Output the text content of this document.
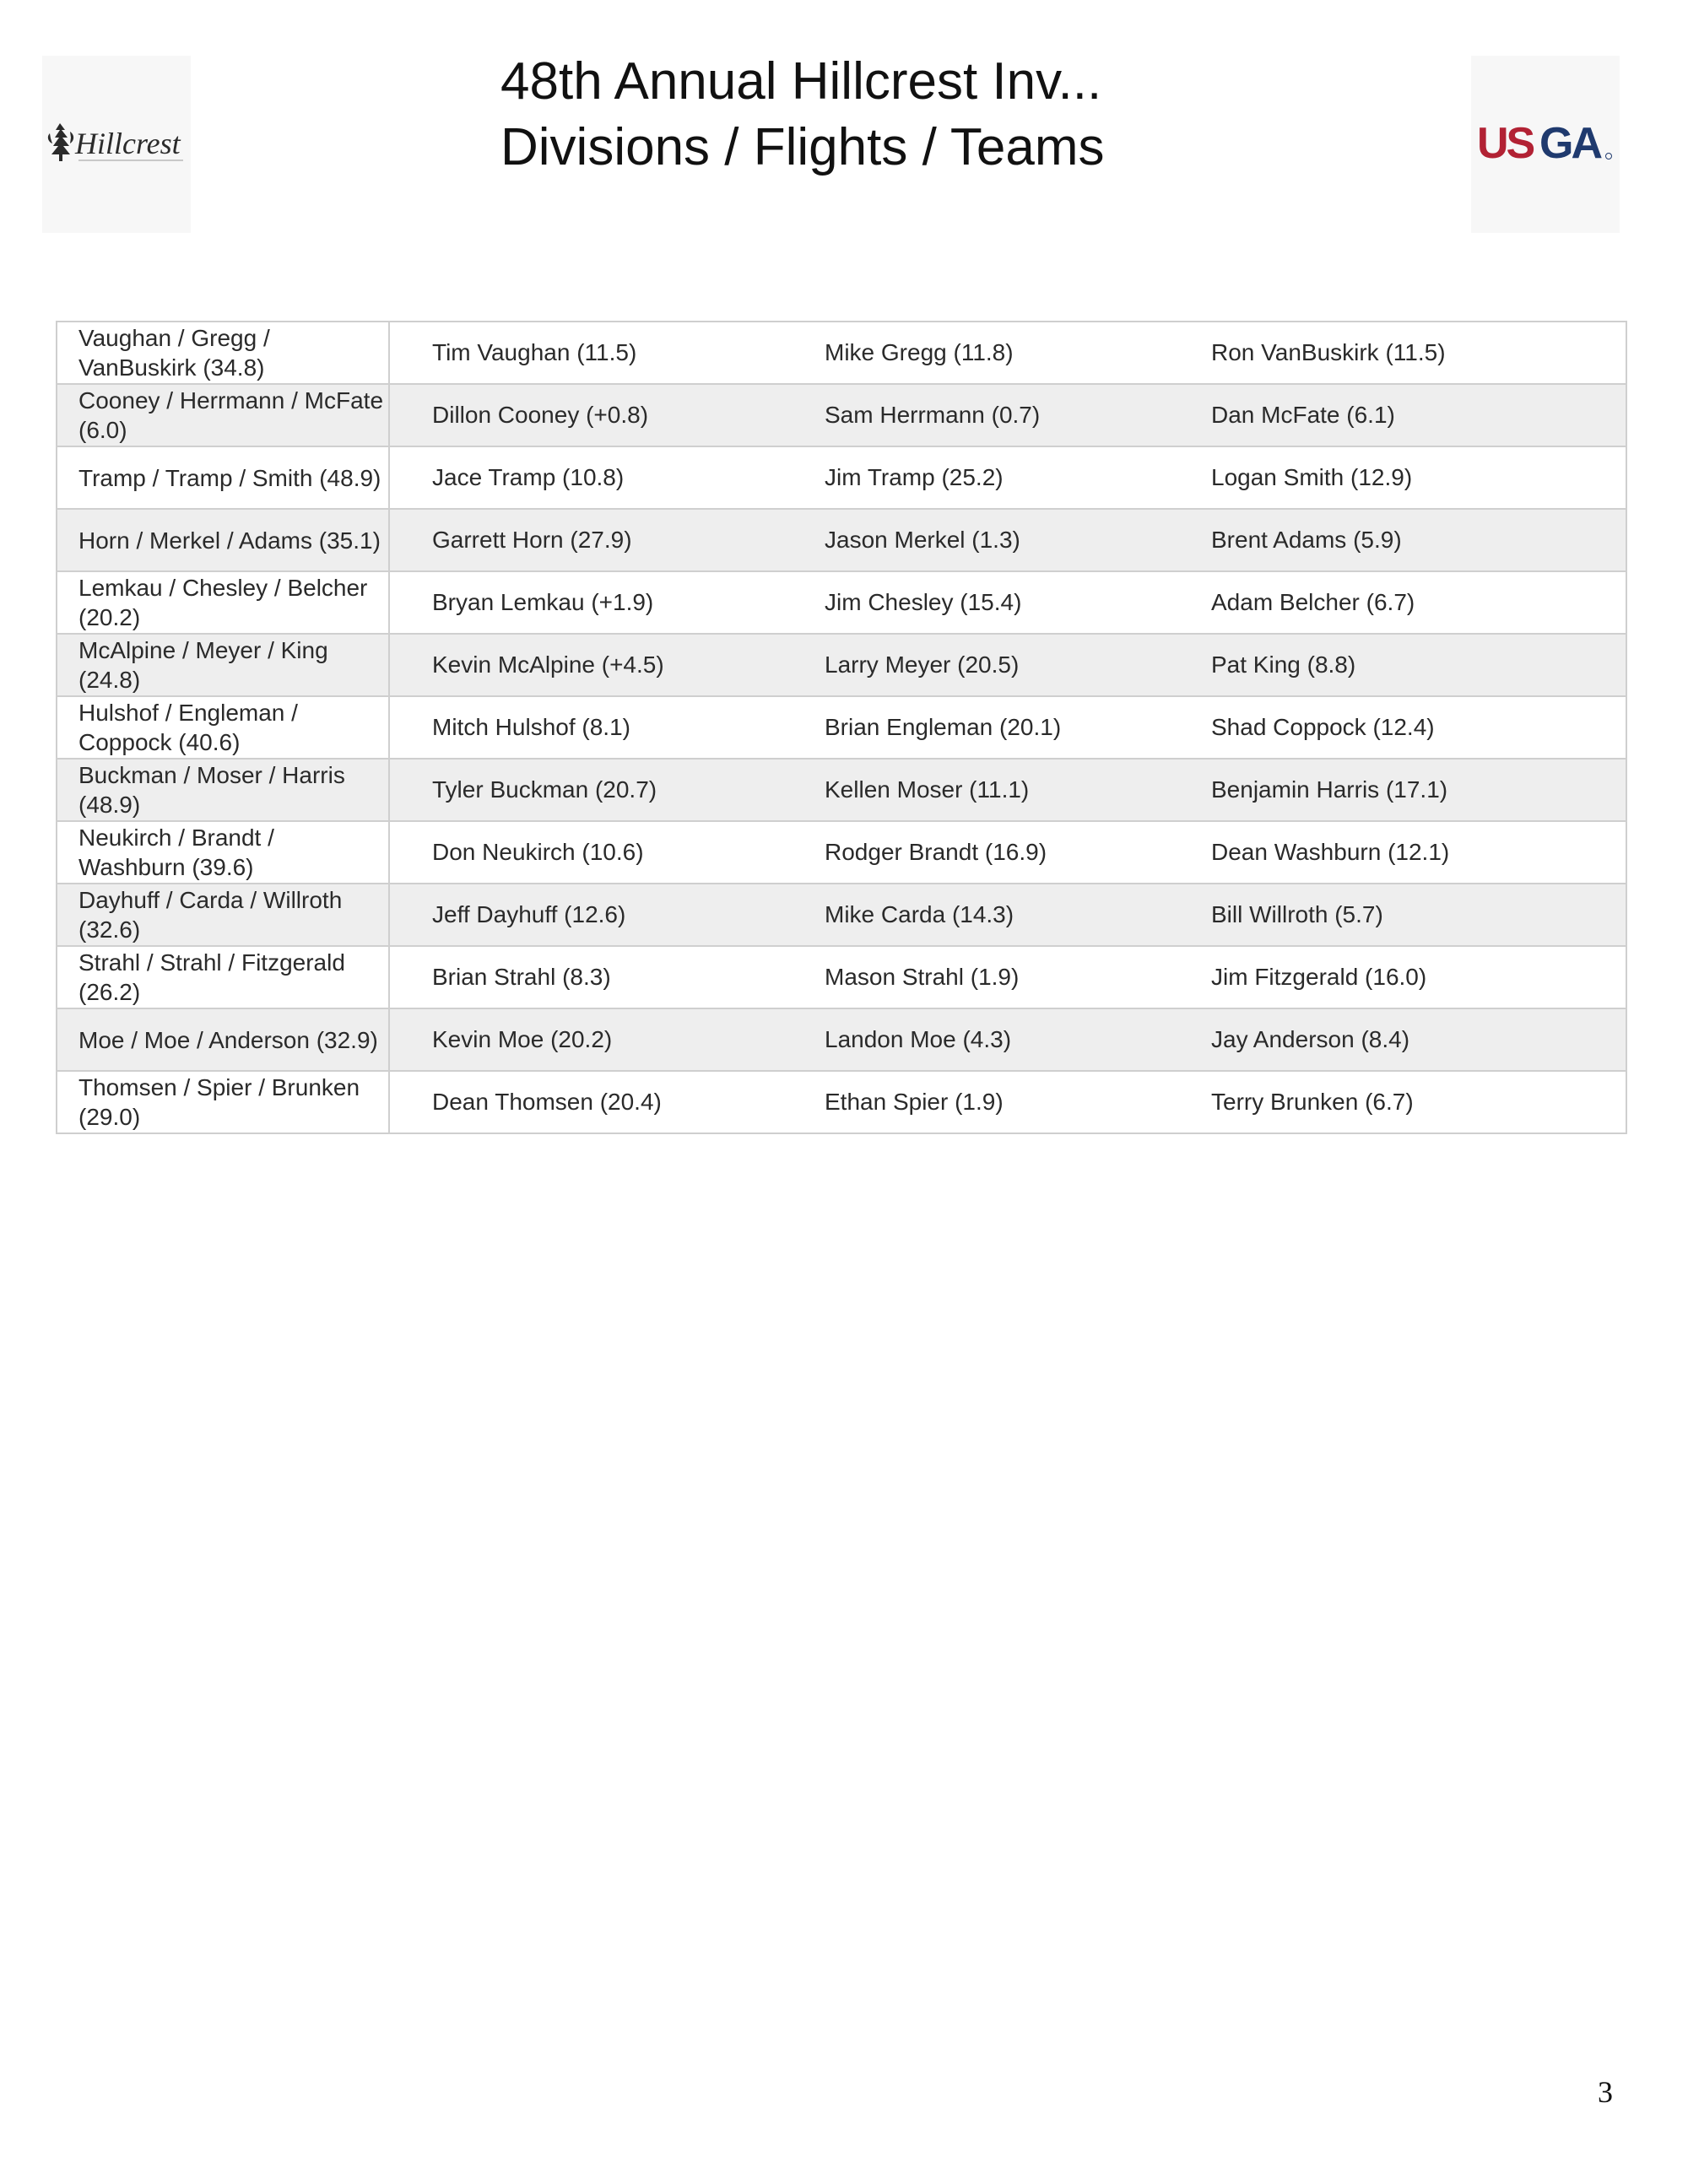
Hillcrest
48th Annual Hillcrest Inv...
Divisions / Flights / Teams	US GA
Vaughan / Gregg / VanBuskirk (34.8)	Tim Vaughan (11.5)	Mike Gregg (11.8)	Ron VanBuskirk (11.5)
Cooney / Herrmann / McFate (6.0)	Dillon Cooney (+0.8)	Sam Herrmann (0.7)	Dan McFate (6.1)
Tramp / Tramp / Smith (48.9)	Jace Tramp (10.8)	Jim Tramp (25.2)	Logan Smith (12.9)
Horn / Merkel / Adams (35.1)	Garrett Horn (27.9)	Jason Merkel (1.3)	Brent Adams (5.9)
Lemkau / Chesley / Belcher (20.2)	Bryan Lemkau (+1.9)	Jim Chesley (15.4)	Adam Belcher (6.7)
McAlpine / Meyer / King (24.8)	Kevin McAlpine (+4.5)	Larry Meyer (20.5)	Pat King (8.8)
Hulshof / Engleman / Coppock (40.6)	Mitch Hulshof (8.1)	Brian Engleman (20.1)	Shad Coppock (12.4)
Buckman / Moser / Harris (48.9)	Tyler Buckman (20.7)	Kellen Moser (11.1)	Benjamin Harris (17.1)
Neukirch / Brandt / Washburn (39.6)	Don Neukirch (10.6)	Rodger Brandt (16.9)	Dean Washburn (12.1)
Dayhuff / Carda / Willroth (32.6)	Jeff Dayhuff (12.6)	Mike Carda (14.3)	Bill Willroth (5.7)
Strahl / Strahl / Fitzgerald (26.2)	Brian Strahl (8.3)	Mason Strahl (1.9)	Jim Fitzgerald (16.0)
Moe / Moe / Anderson (32.9)	Kevin Moe (20.2)	Landon Moe (4.3)	Jay Anderson (8.4)
Thomsen / Spier / Brunken (29.0)	Dean Thomsen (20.4)	Ethan Spier (1.9)	Terry Brunken (6.7)
3
